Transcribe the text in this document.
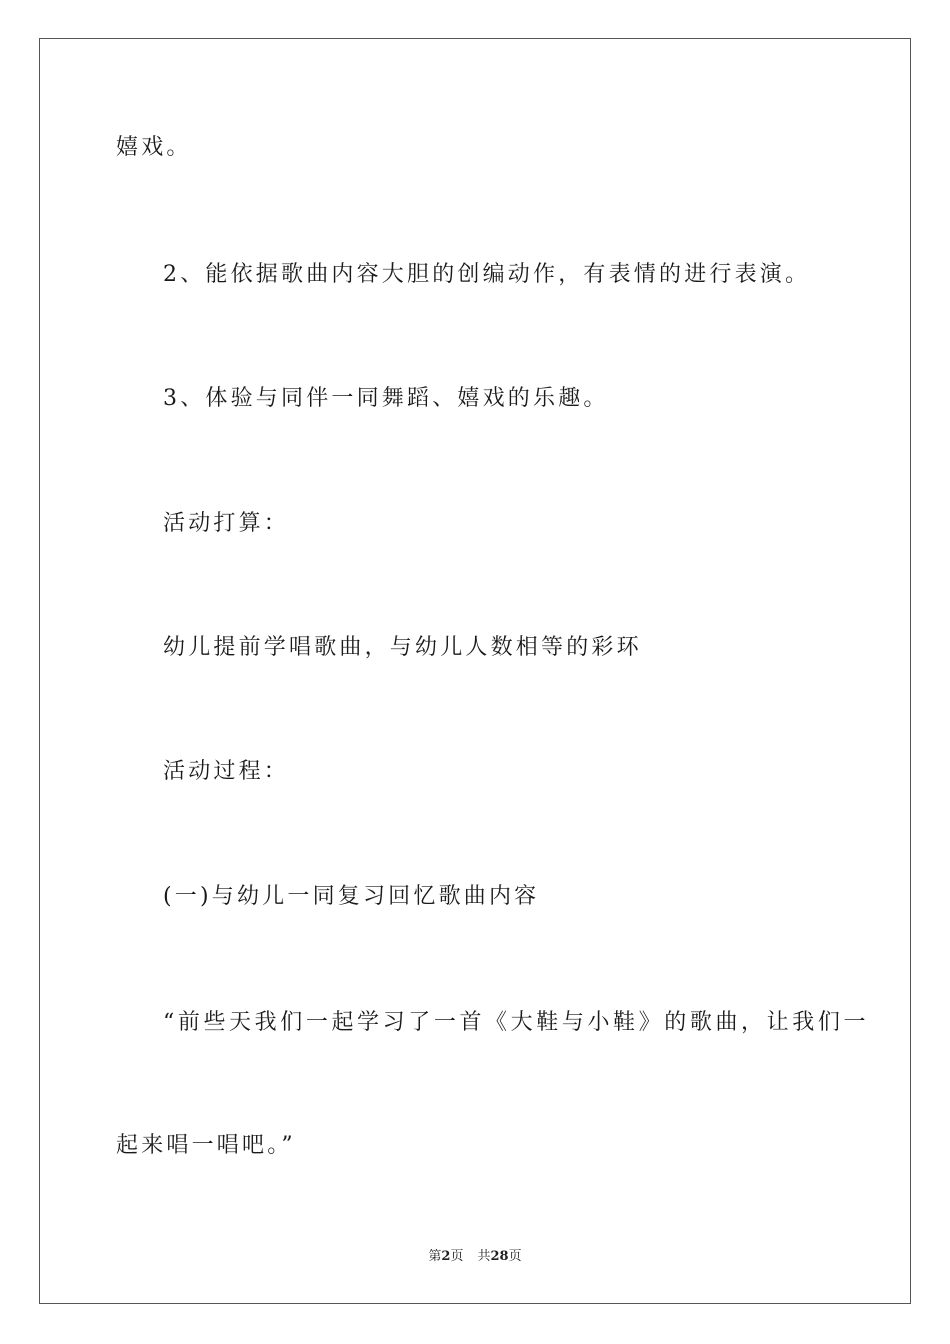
嬉戏。
2、能依据歌曲内容大胆的创编动作，有表情的进行表演。
3、体验与同伴一同舞蹈、嬉戏的乐趣。
活动打算：
幼儿提前学唱歌曲，与幼儿人数相等的彩环
活动过程：
(一)与幼儿一同复习回忆歌曲内容
“前些天我们一起学习了一首《大鞋与小鞋》的歌曲，让我们一
起来唱一唱吧。”
第2页 共28页
